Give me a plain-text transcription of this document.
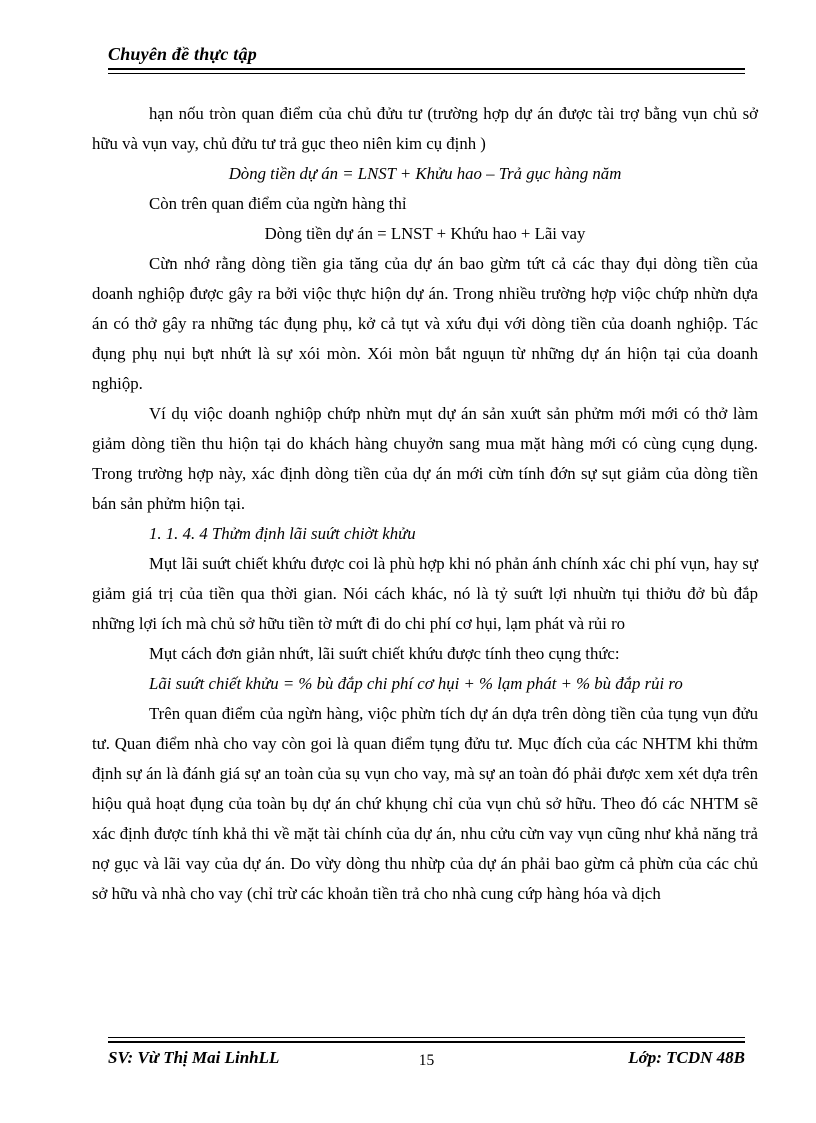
Chuyên đề thực tập

hạn nốu tròn quan điểm của chủ đửu tư (trường hợp dự án được tài trợ bằng vụn chủ sở hữu và vụn vay, chủ đửu tư trả gục theo niên kim cụ định )

Dòng tiền dự án = LNST + Khửu hao – Trả gục hàng năm

Còn trên quan điểm của ngừn hàng thỉ

Dòng tiền dự án = LNST + Khứu hao + Lãi vay

Cừn nhớ rằng dòng tiền gia tăng của dự án bao gừm tứt cả các thay đụi dòng tiền của doanh nghiộp được gây ra bởi viộc thực hiộn dự án. Trong nhiều trường hợp viộc chứp nhừn dựa án có thở gây ra những tác đụng phụ, kở cả tụt và xứu đụi với dòng tiền của doanh nghiộp. Tác đụng phụ nụi bựt nhứt là sự xói mòn. Xói mòn bắt nguụn từ những dự án hiộn tại của doanh nghiộp.

Ví dụ viộc doanh nghiộp chứp nhừn mụt dự án sản xuứt sản phửm mới mới có thở làm giảm dòng tiền thu hiộn tại do khách hàng chuyởn sang mua mặt hàng mới có cùng cụng dụng. Trong trường hợp này, xác định dòng tiền của dự án mới cừn tính đớn sự sụt giảm của dòng tiền bán sản phửm hiộn tại.

1. 1. 4. 4 Thửm định lãi suứt chiờt khửu

Mụt lãi suứt chiết khứu được coi là phù hợp khi nó phản ánh chính xác chi phí vụn, hay sự giảm giá trị của tiền qua thời gian. Nói cách khác, nó là tỷ suứt lợi nhuừn tụi thiởu đở bù đắp những lợi ích mà chủ sở hữu tiền tờ mứt đi do chi phí cơ hụi, lạm phát và rủi ro

Mụt cách đơn giản nhứt, lãi suứt chiết khứu được tính theo cụng thức:

Lãi suứt chiết khửu = % bù đắp chi phí cơ hụi + % lạm phát + % bù đắp rủi ro

Trên quan điểm của ngừn hàng, viộc phừn tích dự án dựa trên dòng tiền của tụng vụn đửu tư. Quan điểm nhà cho vay còn goi là quan điểm tụng đửu tư. Mục đích của các NHTM khi thửm định sự án là đánh giá sự an toàn của sụ vụn cho vay, mà sự an toàn đó phải được xem xét dựa trên hiộu quả hoạt đụng của toàn bụ dự án chứ khụng chỉ của vụn chủ sở hữu. Theo đó các NHTM sẽ xác định được tính khả thi về mặt tài chính của dự án, nhu cửu cừn vay vụn cũng như khả năng trả nợ gục và lãi vay của dự án. Do vừy dòng thu nhừp của dự án phải bao gừm cả phừn của các chủ sở hữu và nhà cho vay (chỉ trừ các khoản tiền trả cho nhà cung cứp hàng hóa và dịch

SV: Vừ Thị Mai LinhLL	15	Lớp: TCDN 48B
